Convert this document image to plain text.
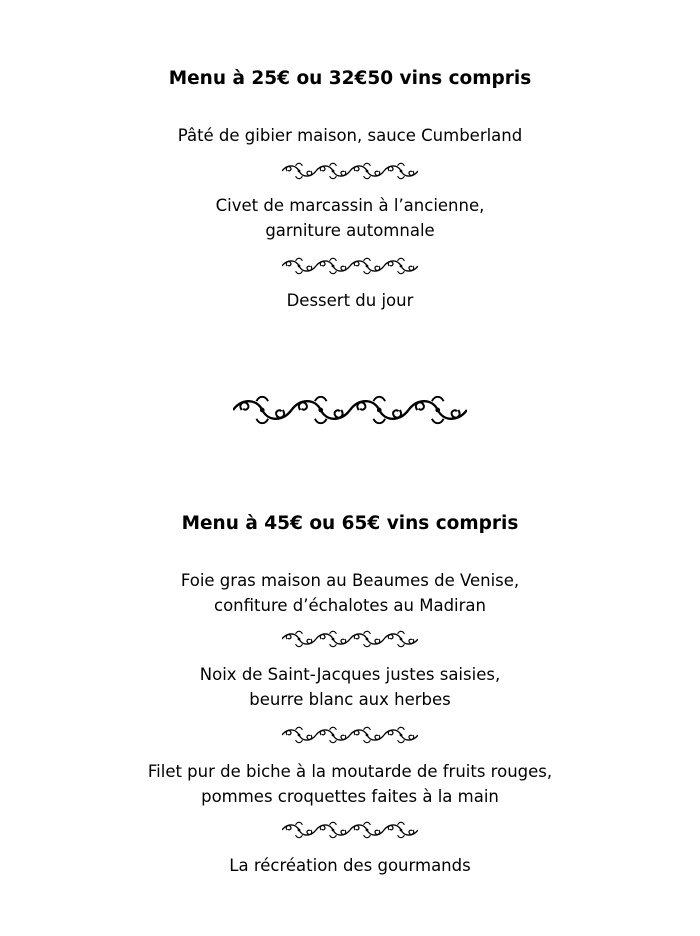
Menu à 25€ ou 32€50 vins compris
Pâté de gibier maison, sauce Cumberland
Civet de marcassin à l’ancienne,
garniture automnale
Dessert du jour
Menu à 45€ ou 65€ vins compris
Foie gras maison au Beaumes de Venise,
confiture d’échalotes au Madiran
Noix de Saint-Jacques justes saisies,
beurre blanc aux herbes
Filet pur de biche à la moutarde de fruits rouges,
pommes croquettes faites à la main
La récréation des gourmands
